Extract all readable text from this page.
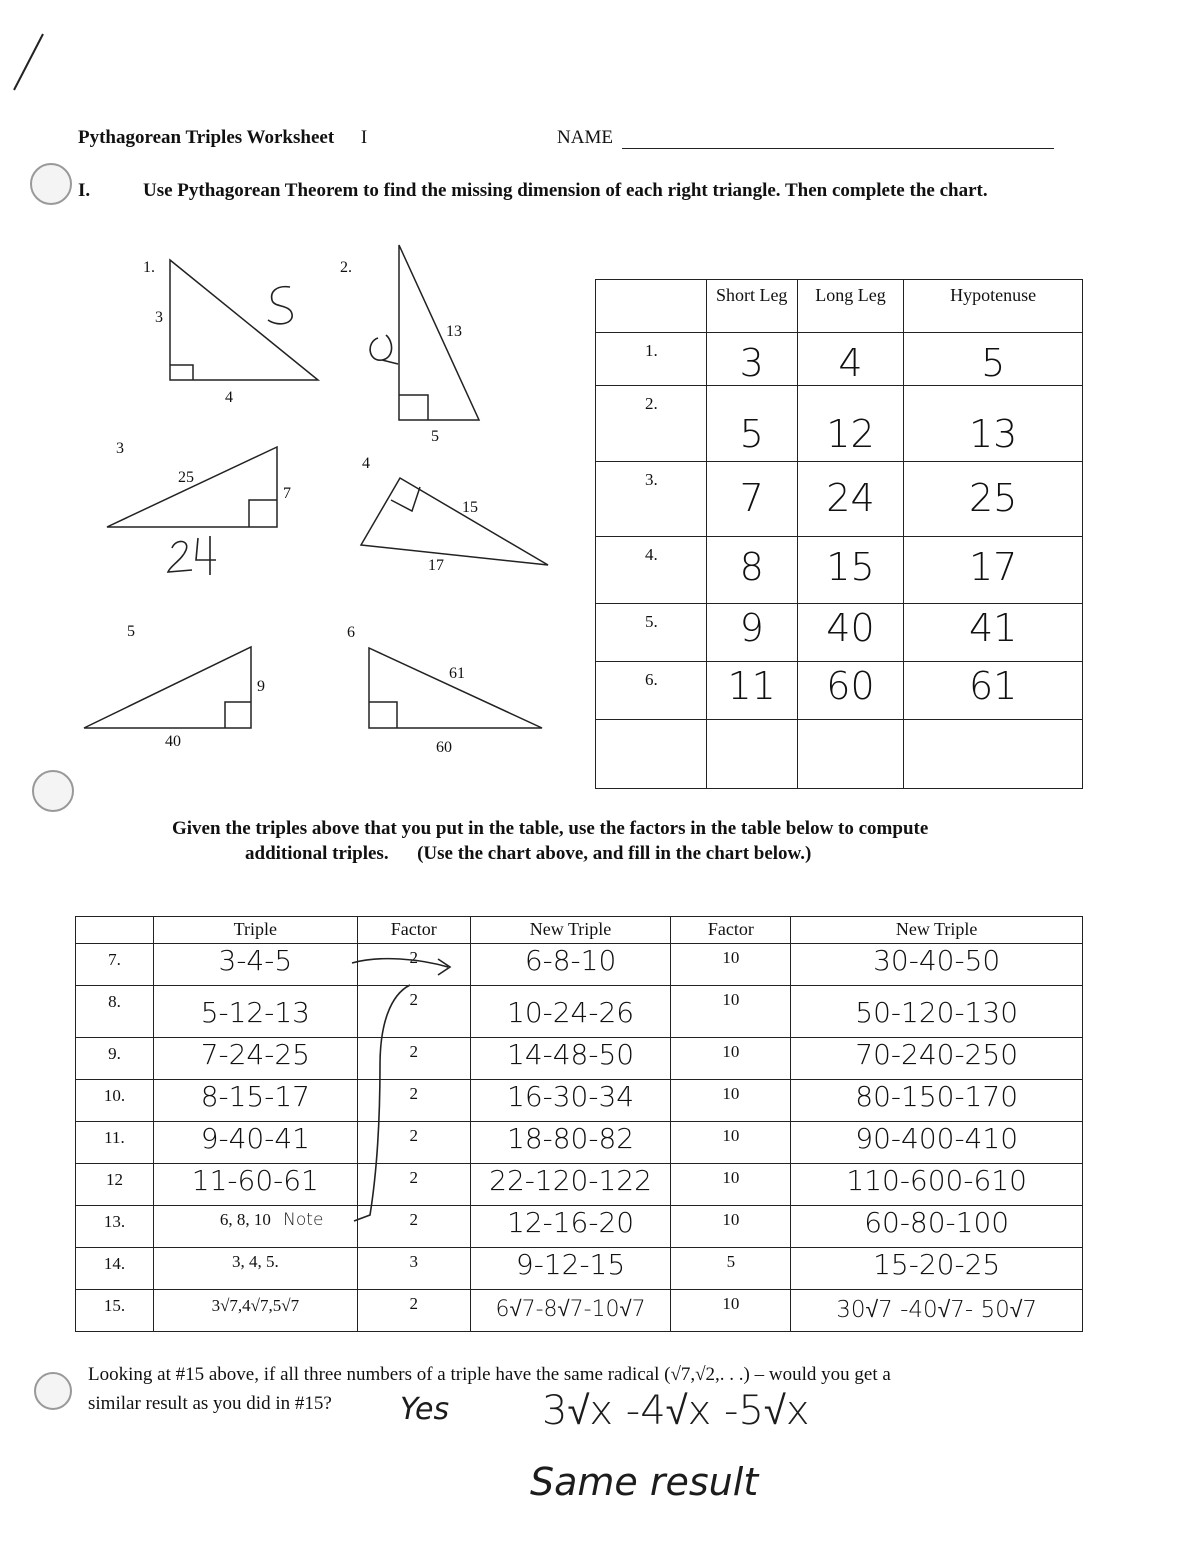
Pythagorean Triples Worksheet I	NAME
I.	Use Pythagorean Theorem to find the missing dimension of each right triangle. Then complete the chart.
1.
3
4
2.
13
5
3
25
7
4
15
17
5
9
40
6
61
60
	Short Leg	Long Leg	Hypotenuse
1.	3	4	5
2.	5	12	13
3.	7	24	25
4.	8	15	17
5.	9	40	41
6.	11	60	61

Given the triples above that you put in the table, use the factors in the table below to compute
additional triples.      (Use the chart above, and fill in the chart below.)
	Triple	Factor	New Triple	Factor	New Triple
7.	3-4-5	2	6-8-10	10	30-40-50
8.	5-12-13	2	10-24-26	10	50-120-130
9.	7-24-25	2	14-48-50	10	70-240-250
10.	8-15-17	2	16-30-34	10	80-150-170
11.	9-40-41	2	18-80-82	10	90-400-410
12	11-60-61	2	22-120-122	10	110-600-610
13.	6, 8, 10 Note	2	12-16-20	10	60-80-100
14.	3, 4, 5.	3	9-12-15	5	15-20-25
15.	3√7,4√7,5√7	2	6√7-8√7-10√7	10	30√7 -40√7- 50√7
Looking at #15 above, if all three numbers of a triple have the same radical (√7,√2,. . .) – would you get a
similar result as you did in #15? Yes 3√x -4√x -5√x
Same result
